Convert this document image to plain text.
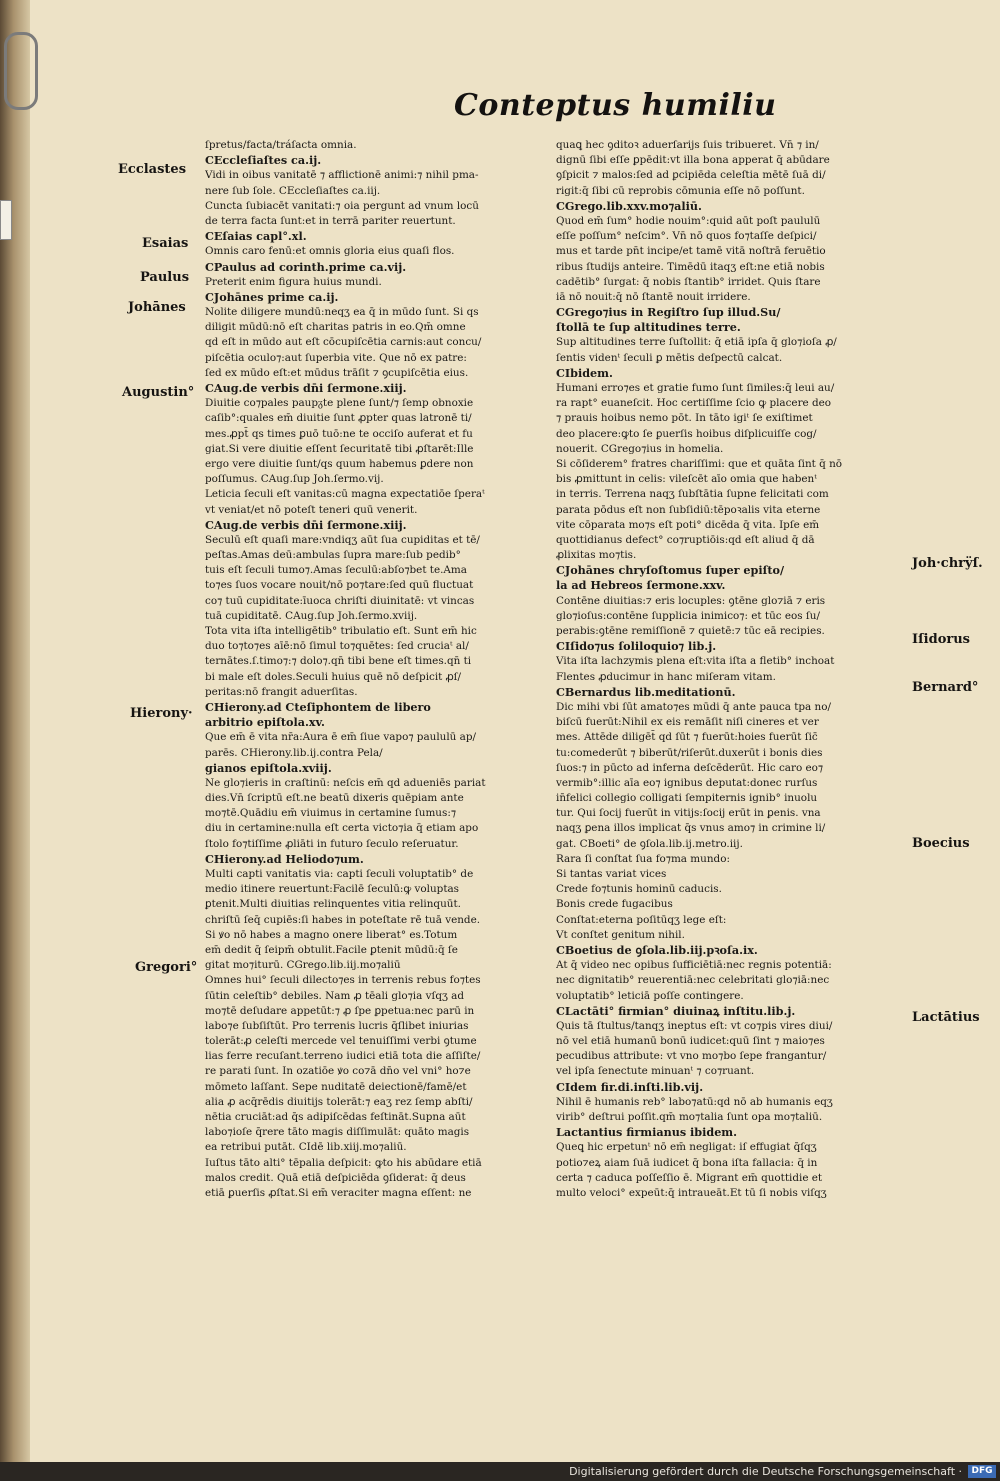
Conteptus humiliu
Ecclastes
Esaias
Paulus
Johānes
Augustin°
Hierony·
Gregori°
Joh·chrÿſ.
Iſidorus
Bernard°
Boecius
Lactātius
ſpretus/facta/tráſacta omnia.
CEccleſiaſtes ca.ij.
Vidi in oibus vanitatē ⁊ afflictionē animi:⁊ nihil pma-
nere ſub ſole. CEccleſiaſtes ca.iij.
Cuncta ſubiacēt vanitati:⁊ oia pergunt ad vnum locū
de terra facta ſunt:et in terrā pariter reuertunt.
CEſaias capl°.xl.
Omnis caro fenū:et omnis gloria eius quaſi flos.
CPaulus ad corinth.prime ca.vij.
Preterit enim figura huius mundi.
CJohānes prime ca.ij.
Nolite diligere mundū:neqʒ ea q̄ in mūdo ſunt. Si qs
diligit mūdū:nō eſt charitas patris in eo.Qm̄ omne
qd eſt in mūdo aut eſt cōcupiſcētia carnis:aut concu/
piſcētia oculo⁊:aut ſuperbia vite. Que nō ex patre:
ſed ex mūdo eſt:et mūdus trāſit ⁊ ꝯcupiſcētia eius.
CAug.de verbis dn̄i ſermone.xiij.
Diuitie co⁊pales paupᵹte plene ſunt/⁊ ſemp obnoxie
caſib°:quales em̄ diuitie ſunt ꝓpter quas latronē ti/
mes.ꝓpt̄ qs times ꝑuō tuō:ne te occiſo auferat et fu
giat.Si vere diuitie eſſent ſecuritatē tibi ꝓſtarēt:Ille
ergo vere diuitie ſunt/qs quum habemus ꝑdere non
poſſumus. CAug.ſup Joh.ſermo.vij.
Leticia ſeculi eſt vanitas:cū magna expectatiōe ſperaᵗ
vt veniat/et nō poteſt teneri quū venerit.
CAug.de verbis dn̄i ſermone.xiij.
Seculū eſt quaſi mare:vndiqʒ aūt ſua cupiditas et tē/
peſtas.Amas deū:ambulas ſupra mare:ſub pedib°
tuis eſt ſeculi tumo⁊.Amas ſeculū:abſo⁊bet te.Ama
to⁊es ſuos vocare nouit/nō po⁊tare:ſed quū fluctuat
co⁊ tuū cupiditate:īuoca chriſti diuinitatē: vt vincas
tuā cupiditatē. CAug.ſup Joh.ſermo.xviij.
Tota vita iſta intelligētib° tribulatio eſt. Sunt em̄ hic
duo to⁊to⁊es aīē:nō ſimul to⁊quētes: ſed cruciaᵗ al/
ternātes.ſ.timo⁊:⁊ dolo⁊.qn̄ tibi bene eſt times.qn̄ ti
bi male eſt doles.Seculi huius quē nō deſpicit ꝓſ/
peritas:nō frangit aduerſitas.
CHierony.ad Cteſiphontem de libero
arbitrio epiſtola.xv.
Que em̄ ē vita nr̄a:Aura ē em̄ ſiue vapo⁊ paululū ap/
parēs. CHierony.lib.ij.contra Pela/
gianos epiſtola.xviij.
Ne glo⁊ieris in craſtinū: neſcis em̄ qd adueniēs pariat
dies.Vn̄ ſcriptū eſt.ne beatū dixeris quēpiam ante
mo⁊tē.Quādiu em̄ viuimus in certamine ſumus:⁊
diu in certamine:nulla eſt certa victo⁊ia q̄ etiam apo
ſtolo fo⁊tiſſime ꝓliāti in futuro ſeculo reſeruatur.
CHierony.ad Heliodo⁊um.
Multi capti vanitatis via: capti ſeculi voluptatib° de
medio itinere reuertunt:Facilē ſeculū:ꝙ voluptas
ꝑtenit.Multi diuitias relinquentes vitia relinquūt.
chriſtū ſeq̄ cupiēs:ſi habes in poteſtate rē tuā vende.
Si ꝟo nō habes a magno onere liberat° es.Totum
em̄ dedit q̄ ſeipm̄ obtulit.Facile ꝑtenit mūdū:q̄ ſe
gitat mo⁊iturū. CGrego.lib.iij.mo⁊aliū
Omnes hui° ſeculi dilecto⁊es in terrenis rebus fo⁊tes
ſūtin celeſtib° debiles. Nam ꝓ tēali glo⁊ia vſqʒ ad
mo⁊tē deſudare appetūt:⁊ ꝓ ſpe ꝑpetua:nec parū in
labo⁊e ſubſiſtūt. Pro terrenis lucris q̄ſlibet iniurias
tolerāt:ꝓ celeſti mercede vel tenuiſſimi verbi ꝯtume
lias ferre recuſant.terreno iudici etiā tota die aſſiſte/
re parati ſunt. In ozatiōe ꝟo co⁊ā dn̄o vel vni° ho⁊e
mōmeto laſſant. Sepe nuditatē deiectionē/famē/et
alia ꝓ acq̄rēdis diuitijs tolerāt:⁊ eaʒ rez ſemp abſti/
nētia cruciāt:ad q̄s adipiſcēdas feſtināt.Supna aūt
labo⁊ioſe q̄rere tāto magis diſſimulāt: quāto magis
ea retribui putāt. CIdē lib.xiij.mo⁊aliū.
Iuſtus tāto alti° tēpalia deſpicit: ꝙto his abūdare etiā
malos credit. Quā etiā deſpiciēda ꝯſiderat: q̄ deus
etiā ꝑuerſis ꝓſtat.Si em̄ veraciter magna eſſent: ne
quaꝗ hec ꝯditoꝛ aduerſarijs ſuis tribueret. Vn̄ ⁊ in/
dignū ſibi eſſe ꝑpēdit:vt illa bona apperat q̄ abūdare
ꝯſpicit ⁊ malos:ſed ad ꝑcipiēda celeſtia mētē ſuā di/
rigit:q̄ ſibi cū reprobis cōmunia eſſe nō poſſunt.
CGrego.lib.xxv.mo⁊aliū.
Quod em̄ ſum° hodie nouim°:quid aūt poſt paululū
eſſe poſſum° neſcim°. Vn̄ nō quos fo⁊taſſe deſpici/
mus et tarde pn̄t incipe/et tamē vitā noſtrā feruētio
ribus ſtudijs anteire. Timēdū itaqʒ eſt:ne etiā nobis
cadētib° ſurgat: q̄ nobis ſtantib° irridet. Quis ſtare
iā nō nouit:q̄ nō ſtantē nouit irridere.
CGrego⁊ius in Regiſtro ſup illud.Su/
ſtollā te ſup altitudines terre.
Sup altitudines terre ſuſtollit: q̄ etiā ipſa q̄ glo⁊ioſa ꝓ/
ſentis videnᵗ ſeculi ꝑ mētis deſpectū calcat.
CIbidem.
Humani erro⁊es et gratie fumo ſunt ſimiles:q̄ leui au/
ra rapt° euaneſcit. Hoc certiſſime ſcio ꝙ placere deo
⁊ prauis hoibus nemo pōt. In tāto igiᵗ ſe exiſtimet
deo placere:ꝙto ſe ꝑuerſis hoibus diſplicuiſſe cog/
nouerit. CGrego⁊ius in homelia.
Si cōſiderem° fratres chariſſimi: que et quāta ſint q̄ nō
bis ꝓmittunt in celis: vileſcēt aīo omia que habenᵗ
in terris. Terrena naqʒ ſubſtātia ſupne felicitati com
parata pōdus eſt non ſubſidiū:tēpoꝛalis vita eterne
vite cōparata mo⁊s eſt poti° dicēda q̄ vita. Ipſe em̄
quottidianus defect° co⁊ruptiōis:qd eſt aliud q̄ dā
ꝓlixitas mo⁊tis.
CJohānes chryſoſtomus ſuper epiſto/
la ad Hebreos ſermone.xxv.
Contēne diuitias:⁊ eris locuples: ꝯtēne glo⁊iā ⁊ eris
glo⁊ioſus:contēne ſupplicia inimico⁊: et tūc eos ſu/
perabis:ꝯtēne remiſſionē ⁊ quietē:⁊ tūc eā recipies.
CIſido⁊us ſoliloquio⁊ lib.j.
Vita iſta lachzymis plena eſt:vita iſta a fletib° inchoat
Flentes ꝓducimur in hanc miſeram vitam.
CBernardus lib.meditationū.
Dic mihi vbi ſūt amato⁊es mūdi q̄ ante pauca tpa no/
biſcū fuerūt:Nihil ex eis remāſit niſi cineres et ver
mes. Attēde diligēt̄ qd ſūt ⁊ fuerūt:hoies fuerūt ſic̄
tu:comederūt ⁊ biberūt/riſerūt.duxerūt i bonis dies
ſuos:⁊ in pūcto ad inferna deſcēderūt. Hic caro eo⁊
vermib°:illic aīa eo⁊ ignibus deputat:donec rurſus
in̄felici collegio colligati ſempiternis ignib° inuolu
tur. Qui ſocij fuerūt in vitijs:ſocij erūt in ꝑenis. vna
naqʒ ꝑena illos implicat q̄s vnus amo⁊ in crimine li/
gat. CBoeti° de ꝯſola.lib.ij.metro.iij.
Rara ſi conſtat ſua fo⁊ma mundo:
Si tantas variat vices
Crede fo⁊tunis hominū caducis.
Bonis crede fugacibus
Conſtat:eterna poſitūqʒ lege eſt:
Vt conſtet genitum nihil.
CBoetius de ꝯſola.lib.iij.pꝛoſa.ix.
At q̄ video nec opibus ſufficiētiā:nec regnis potentiā:
nec dignitatib° reuerentiā:nec celebritati glo⁊iā:nec
voluptatib° leticiā poſſe contingere.
CLactāti° firmian° diuinaꝝ inſtitu.lib.j.
Quis tā ſtultus/tanqʒ ineptus eſt: vt co⁊pis vires diui/
nō vel etiā humanū bonū iudicet:quū ſint ⁊ maio⁊es
pecudibus attribute: vt vno mo⁊bo ſepe frangantur/
vel ipſa ſenectute minuanᵗ ⁊ co⁊ruant.
CIdem fir.di.inſti.lib.vij.
Nihil ē humanis reb° labo⁊atū:qd nō ab humanis eqʒ
virib° deſtrui poſſit.qm̄ mo⁊talia ſunt opa mo⁊taliū.
Lactantius firmianus ibidem.
Queꝗ hic erpetunᵗ nō em̄ negligat: iſ effugiat q̄ſqʒ
potio⁊eꝝ aiam ſuā iudicet q̄ bona iſta fallacia: q̄ in
certa ⁊ caduca poſſeſſio ē. Migrant em̄ quottidie et
multo veloci° expeūt:q̄ intraueāt.Et tū ſi nobis viſqʒ
Digitalisierung gefördert durch die Deutsche Forschungsgemeinschaft ·	DFG
